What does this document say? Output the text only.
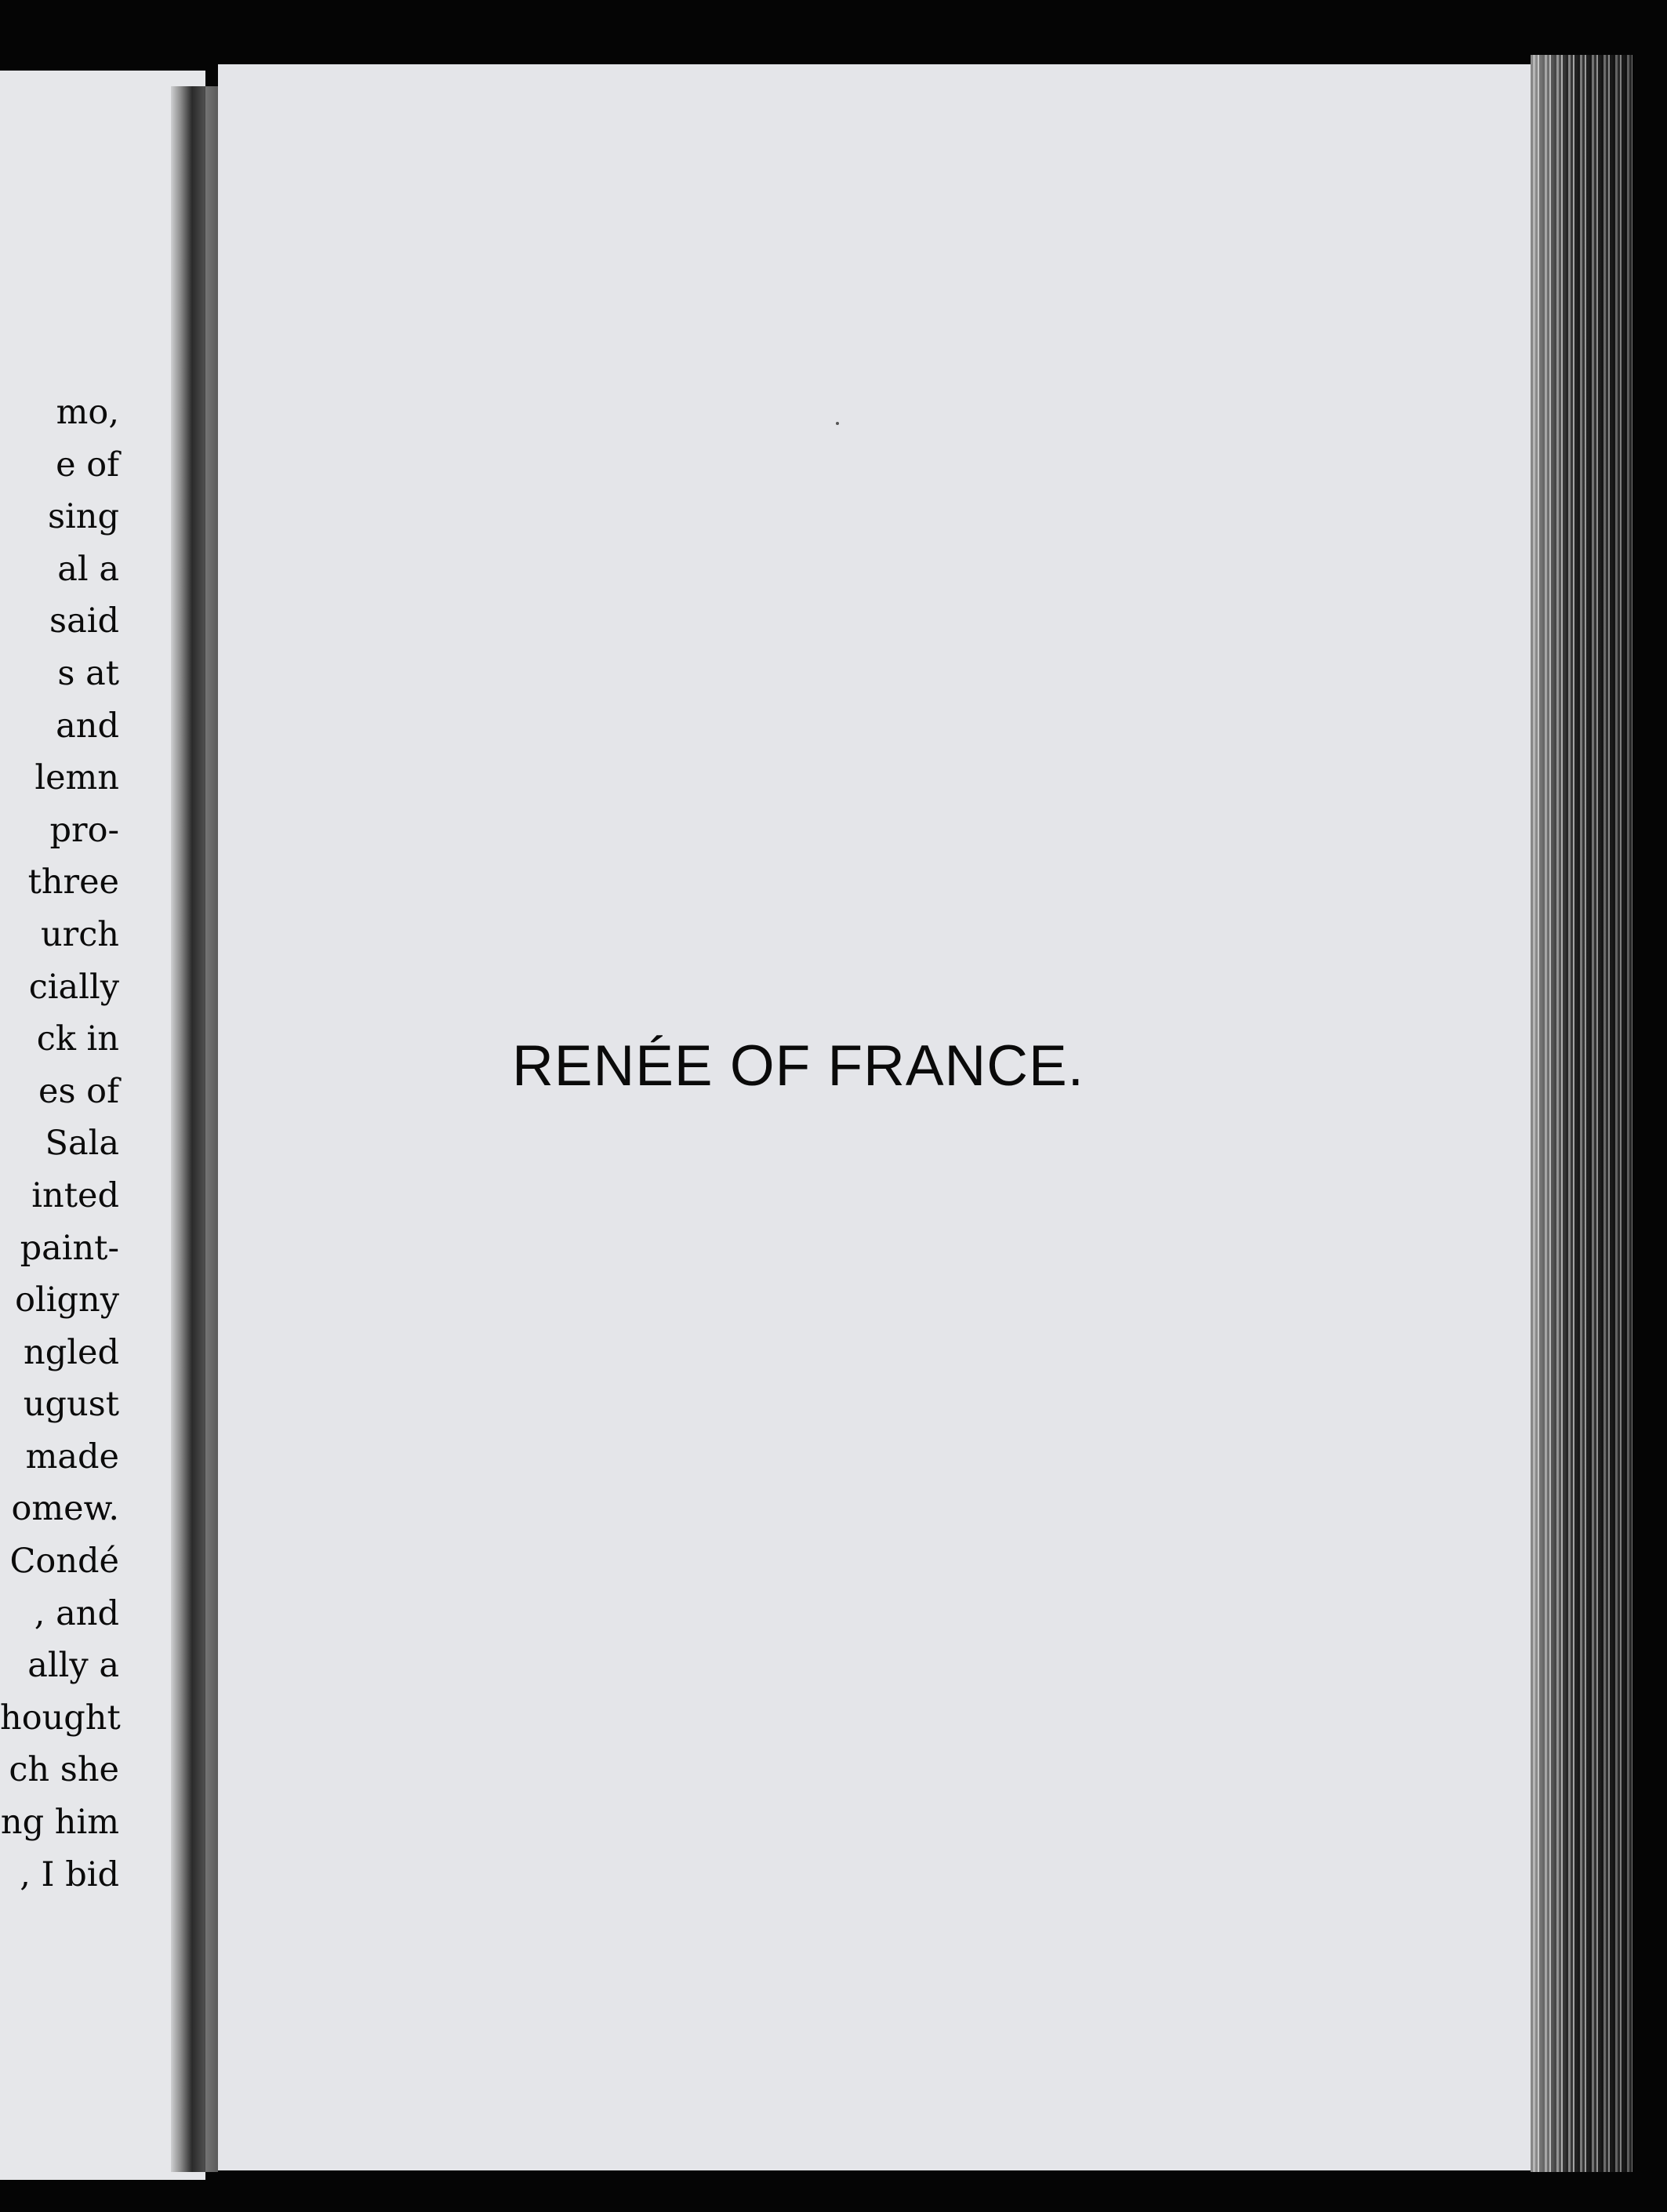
mo,
e of
sing
al a
said
s at
and
lemn
pro-
three
urch
cially
ck in
es of
Sala
inted
paint-
oligny
ngled
ugust
made
omew.
Condé
, and
ally a
hought
ch she
ng him
, I bid
RENÉE OF FRANCE.
